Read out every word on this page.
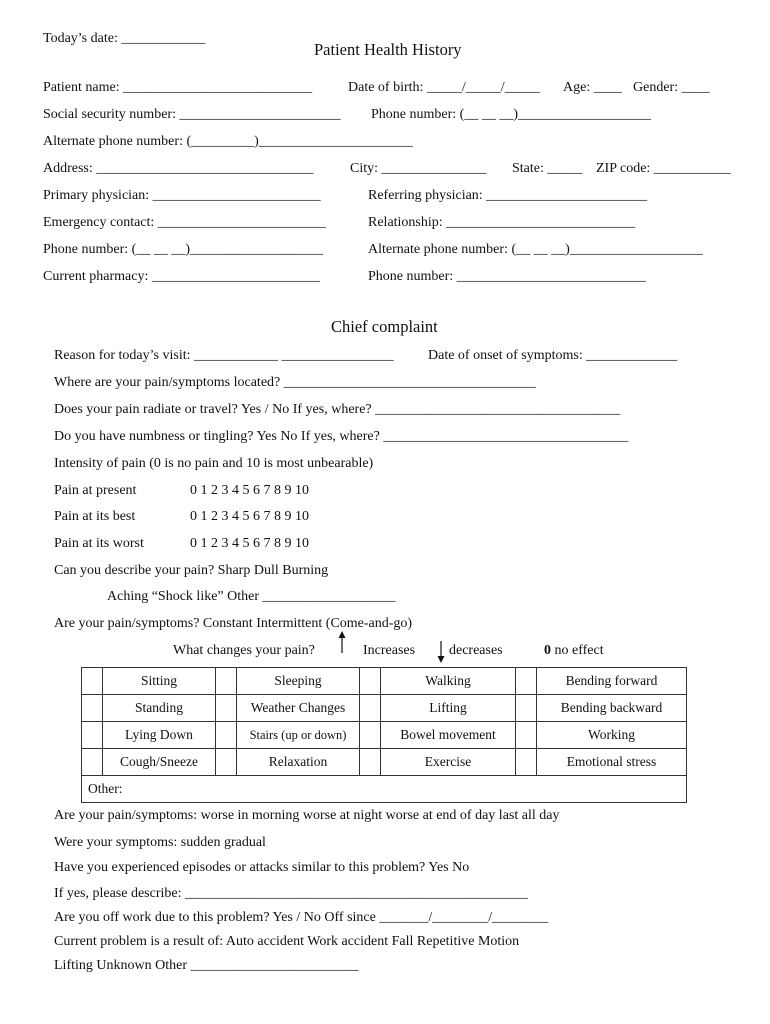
Today’s date: ____________
Patient Health History
Patient name: ___________________________	Date of birth: _____/_____/_____ Age: ____ Gender: ____
Social security number: _______________________ Phone number: (__ __ __)___________________
Alternate phone number: (_________)______________________
Address: _______________________________	City: _______________ State: _____ ZIP code: ___________
Primary physician: ________________________	Referring physician: _______________________
Emergency contact: ________________________	Relationship: ___________________________
Phone number: (__ __ __)___________________	Alternate phone number: (__ __ __)___________________
Current pharmacy: ________________________	Phone number: ___________________________
Chief complaint
Reason for today’s visit: ____________ ________________ Date of onset of symptoms: _____________
Where are your pain/symptoms located? ____________________________________
Does your pain radiate or travel? Yes / No If yes, where? ___________________________________
Do you have numbness or tingling? Yes No If yes, where? ___________________________________
Intensity of pain (0 is no pain and 10 is most unbearable)
Pain at present	0 1 2 3 4 5 6 7 8 9 10
Pain at its best	0 1 2 3 4 5 6 7 8 9 10
Pain at its worst	0 1 2 3 4 5 6 7 8 9 10
Can you describe your pain? Sharp Dull Burning
Aching “Shock like” Other ___________________
Are your pain/symptoms? Constant Intermittent (Come-and-go)
What changes your pain?	Increases decreases	0 no effect
	Sitting		Sleeping		Walking		Bending forward
	Standing		Weather Changes		Lifting		Bending backward
	Lying Down		Stairs (up or down)		Bowel movement		Working
	Cough/Sneeze		Relaxation		Exercise		Emotional stress
Other:							
Are your pain/symptoms: worse in morning worse at night worse at end of day last all day
Were your symptoms: sudden gradual
Have you experienced episodes or attacks similar to this problem? Yes No
If yes, please describe: _________________________________________________
Are you off work due to this problem? Yes / No Off since _______/________/________
Current problem is a result of: Auto accident Work accident Fall Repetitive Motion
Lifting Unknown Other ________________________
